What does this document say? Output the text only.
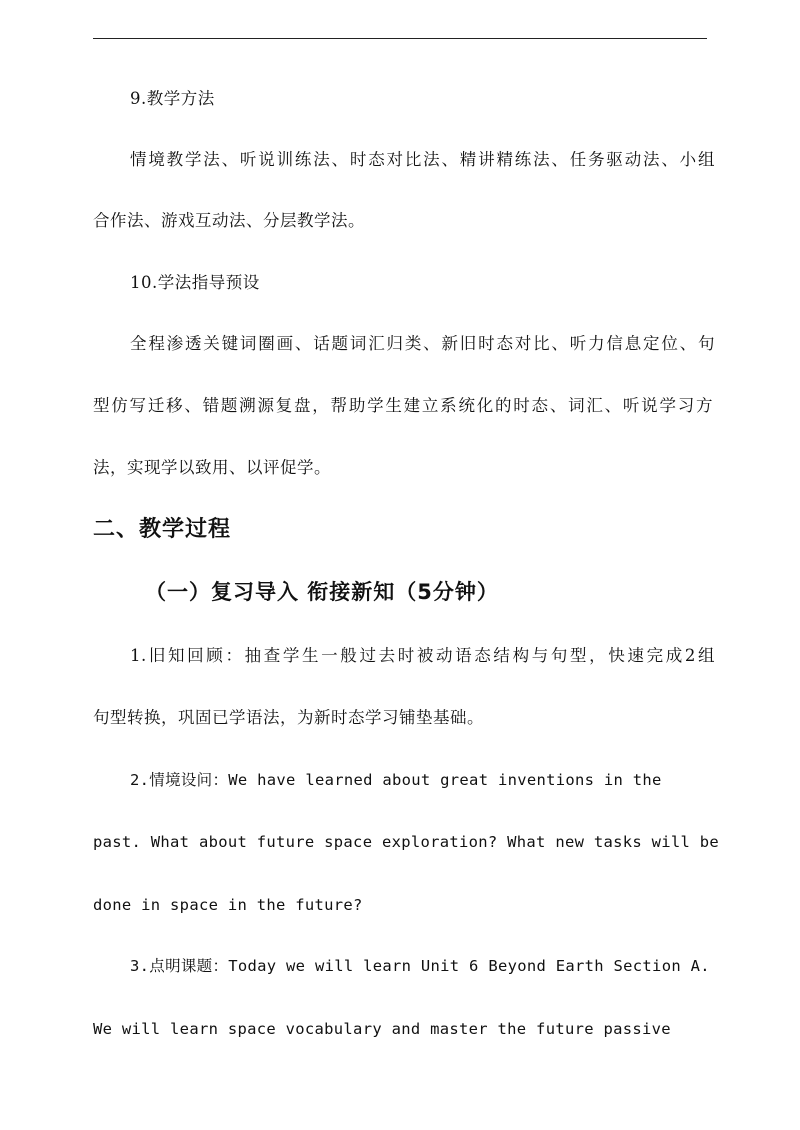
9.教学方法
情境教学法、听说训练法、时态对比法、精讲精练法、任务驱动法、小组
合作法、游戏互动法、分层教学法。
10.学法指导预设
全程渗透关键词圈画、话题词汇归类、新旧时态对比、听力信息定位、句
型仿写迁移、错题溯源复盘，帮助学生建立系统化的时态、词汇、听说学习方
法，实现学以致用、以评促学。
二、教学过程
（一）复习导入 衔接新知（5分钟）
1.旧知回顾：抽查学生一般过去时被动语态结构与句型，快速完成2组
句型转换，巩固已学语法，为新时态学习铺垫基础。
2.情境设问：We have learned about great inventions in the
past. What about future space exploration? What new tasks will be
done in space in the future?
3.点明课题：Today we will learn Unit 6 Beyond Earth Section A.
We will learn space vocabulary and master the future passive
